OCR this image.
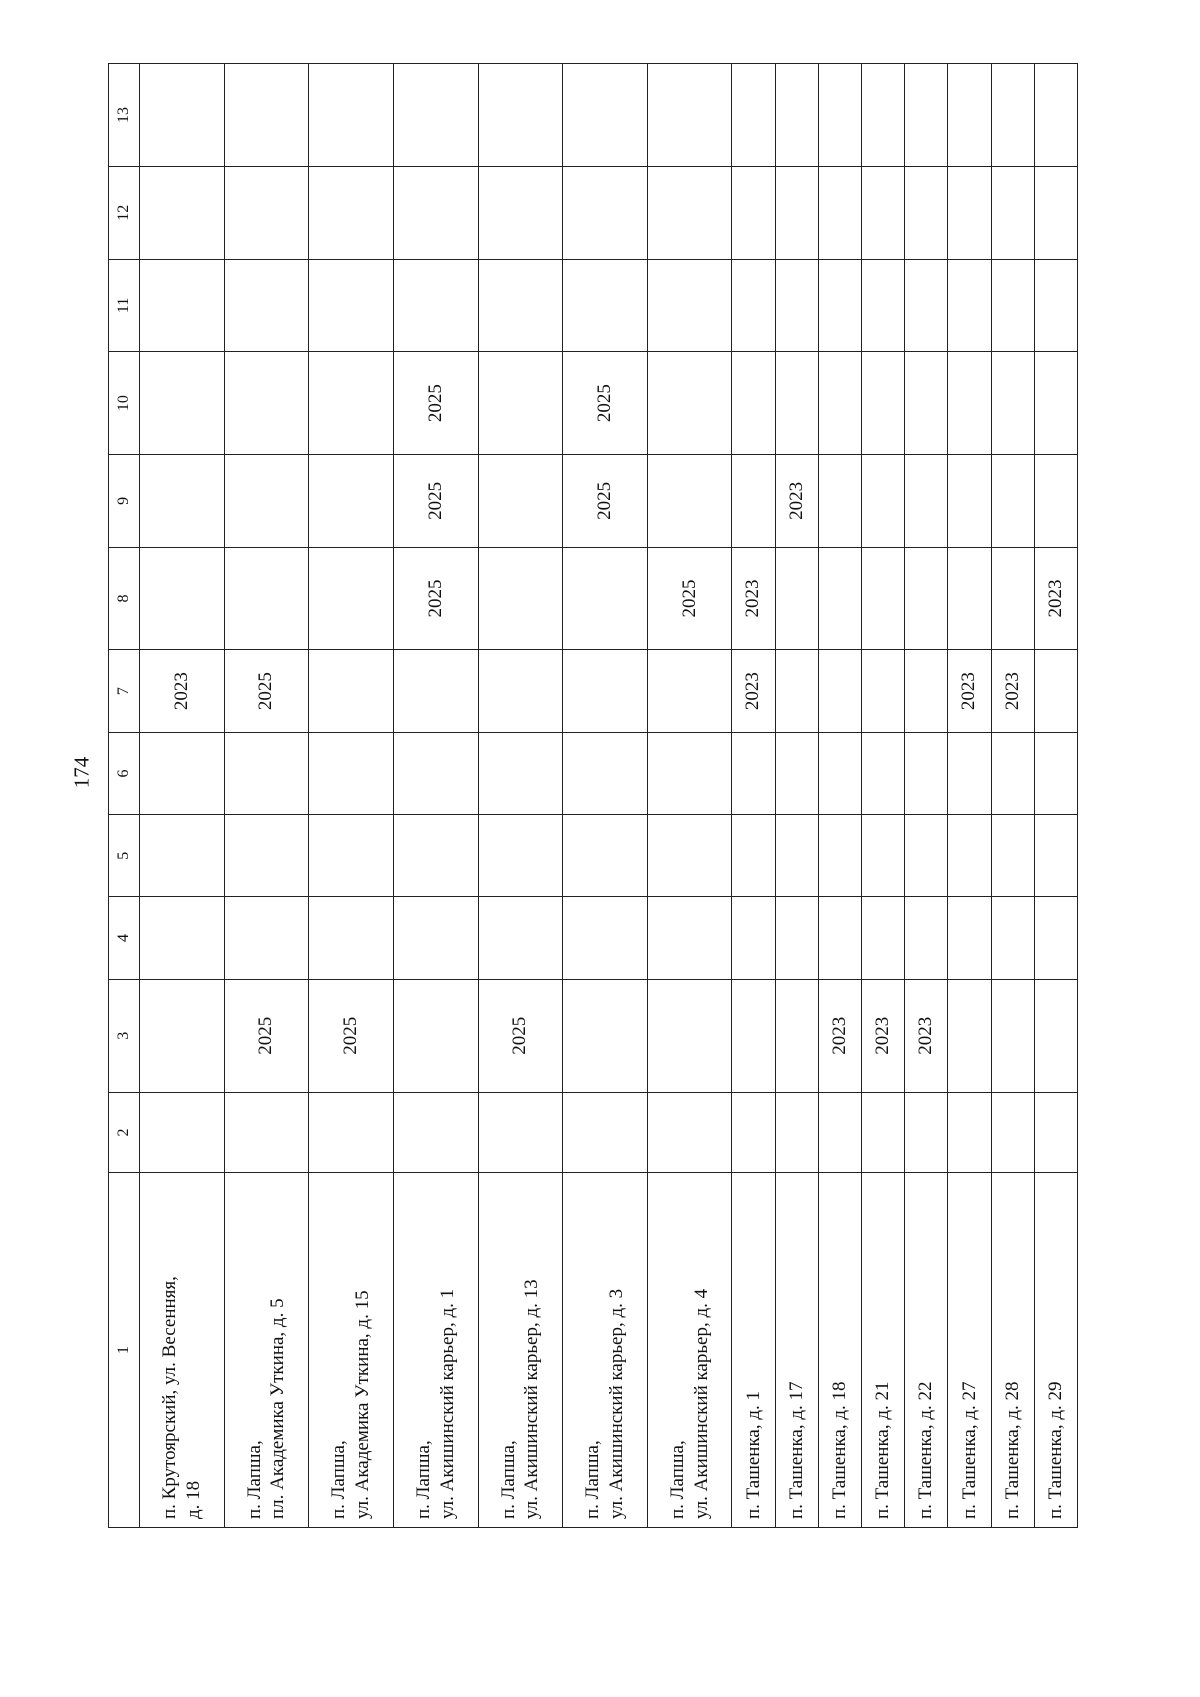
174
1	2	3	4	5	6	7	8	9	10	11	12	13
п. Крутоярский, ул. Весенняя, д. 18						2023						
п. Лапша, пл. Академика Уткина, д. 5		2025				2025						
п. Лапша, ул. Академика Уткина, д. 15		2025										
п. Лапша, ул. Акишинский карьер, д. 1							2025	2025	2025			
п. Лапша, ул. Акишинский карьер, д. 13		2025										
п. Лапша, ул. Акишинский карьер, д. 3								2025	2025			
п. Лапша, ул. Акишинский карьер, д. 4							2025					
п. Ташенка, д. 1						2023	2023					
п. Ташенка, д. 17								2023				
п. Ташенка, д. 18		2023										
п. Ташенка, д. 21		2023										
п. Ташенка, д. 22		2023										
п. Ташенка, д. 27						2023						
п. Ташенка, д. 28						2023						
п. Ташенка, д. 29							2023					
